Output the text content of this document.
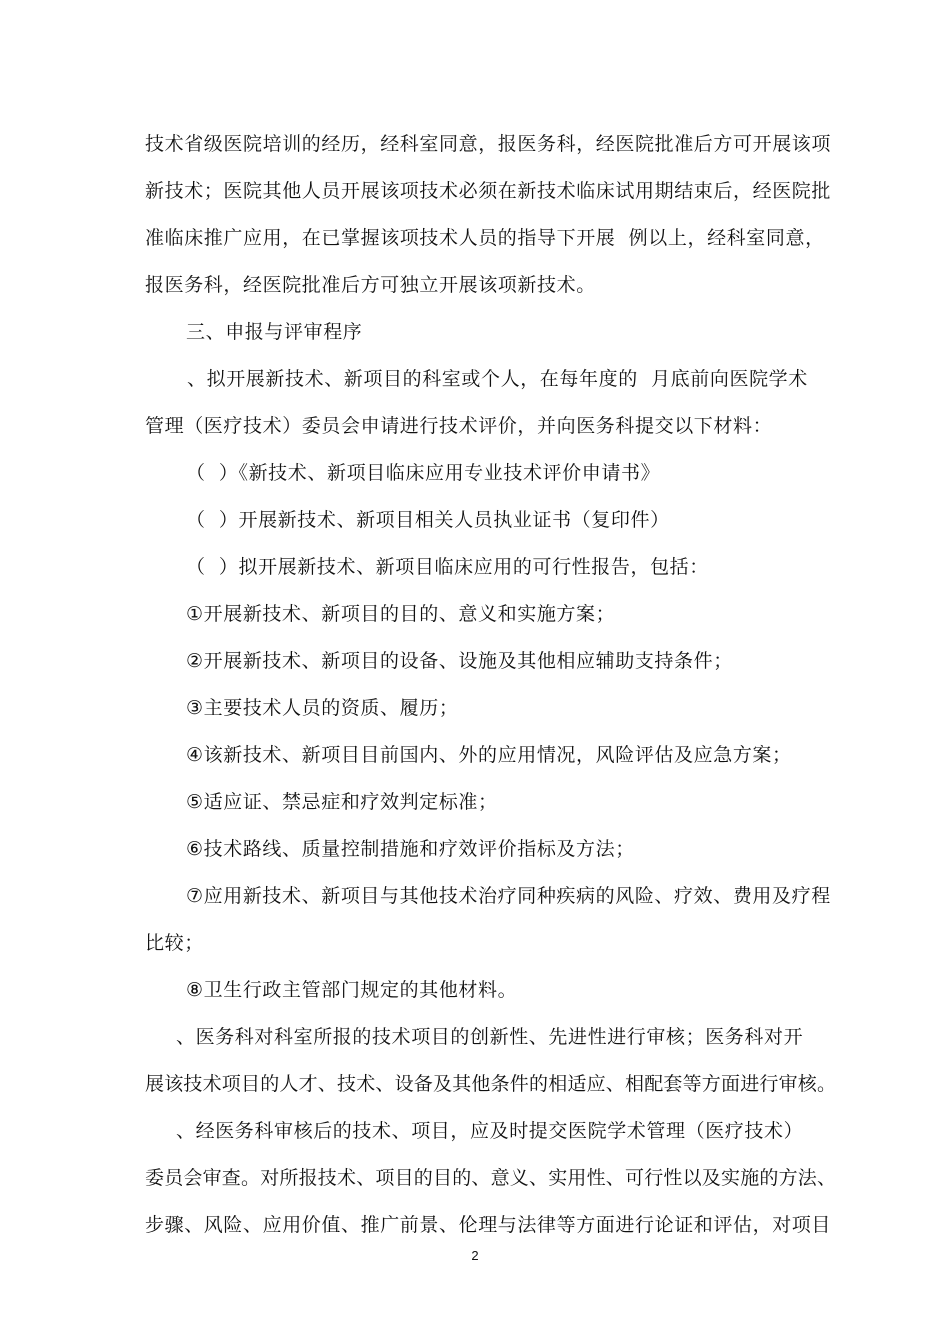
技术省级医院培训的经历，经科室同意，报医务科，经医院批准后方可开展该项
新技术；医院其他人员开展该项技术必须在新技术临床试用期结束后，经医院批
准临床推广应用，在已掌握该项技术人员的指导下开展  例以上，经科室同意，
报医务科，经医院批准后方可独立开展该项新技术。
三、申报与评审程序
、拟开展新技术、新项目的科室或个人，在每年度的  月底前向医院学术
管理（医疗技术）委员会申请进行技术评价，并向医务科提交以下材料：
（  ）《新技术、新项目临床应用专业技术评价申请书》
（  ）开展新技术、新项目相关人员执业证书（复印件）
（  ）拟开展新技术、新项目临床应用的可行性报告，包括：
①开展新技术、新项目的目的、意义和实施方案；
②开展新技术、新项目的设备、设施及其他相应辅助支持条件；
③主要技术人员的资质、履历；
④该新技术、新项目目前国内、外的应用情况，风险评估及应急方案；
⑤适应证、禁忌症和疗效判定标准；
⑥技术路线、质量控制措施和疗效评价指标及方法；
⑦应用新技术、新项目与其他技术治疗同种疾病的风险、疗效、费用及疗程
比较；
⑧卫生行政主管部门规定的其他材料。
、医务科对科室所报的技术项目的创新性、先进性进行审核；医务科对开
展该技术项目的人才、技术、设备及其他条件的相适应、相配套等方面进行审核。
、经医务科审核后的技术、项目，应及时提交医院学术管理（医疗技术）
委员会审查。对所报技术、项目的目的、意义、实用性、可行性以及实施的方法、
步骤、风险、应用价值、推广前景、伦理与法律等方面进行论证和评估，对项目
2
